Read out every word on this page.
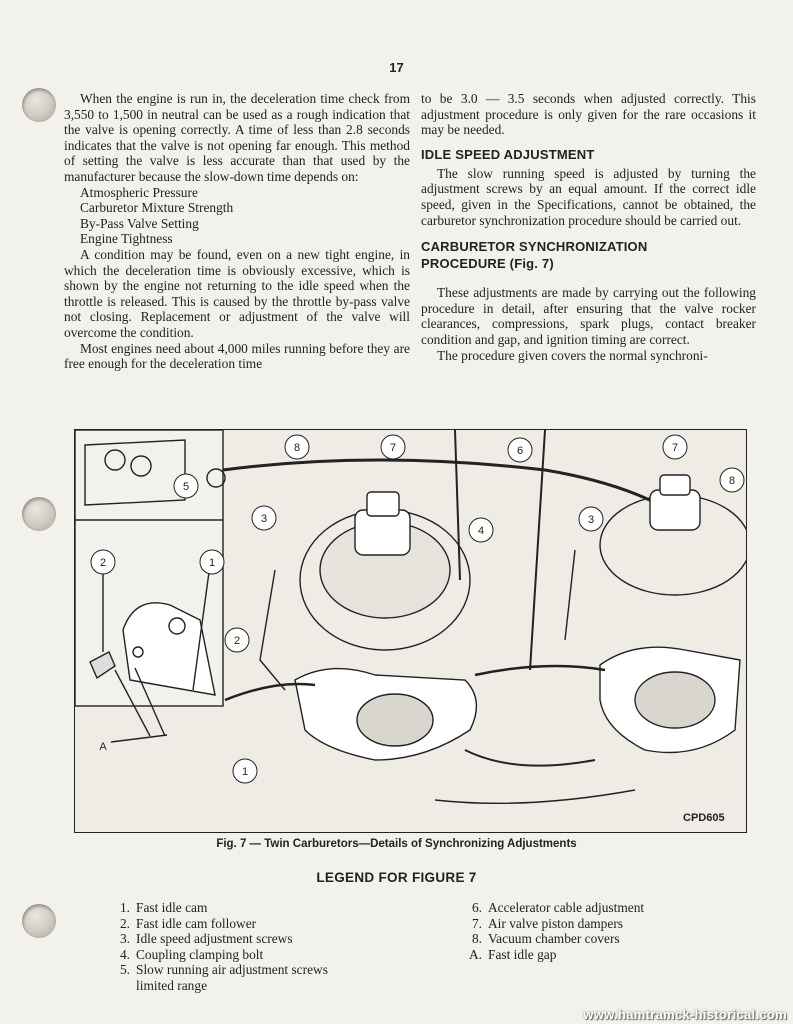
17

When the engine is run in, the deceleration time check from 3,550 to 1,500 in neutral can be used as a rough indication that the valve is opening correctly. A time of less than 2.8 seconds indicates that the valve is not opening far enough. This method of setting the valve is less accurate than that used by the manufacturer because the slow-down time depends on:

Atmospheric Pressure
Carburetor Mixture Strength
By-Pass Valve Setting
Engine Tightness

A condition may be found, even on a new tight engine, in which the deceleration time is obviously excessive, which is shown by the engine not returning to the idle speed when the throttle is released. This is caused by the throttle by-pass valve not closing. Replacement or adjustment of the valve will overcome the condition.

Most engines need about 4,000 miles running before they are free enough for the deceleration time

to be 3.0 — 3.5 seconds when adjusted correctly. This adjustment procedure is only given for the rare occasions it may be needed.

IDLE SPEED ADJUSTMENT

The slow running speed is adjusted by turning the adjustment screws by an equal amount. If the correct idle speed, given in the Specifications, cannot be obtained, the carburetor synchronization procedure should be carried out.

CARBURETOR SYNCHRONIZATION
PROCEDURE (Fig. 7)

These adjustments are made by carrying out the following procedure in detail, after ensuring that the valve rocker clearances, compressions, spark plugs, contact breaker condition and gap, and ignition timing are correct.

The procedure given covers the normal synchroni-

8	7	6	7
8
5
3
4
3
2	1
2
1
A
CPD605
Fig. 7 — Twin Carburetors—Details of Synchronizing Adjustments
LEGEND FOR FIGURE 7
1. Fast idle cam
2. Fast idle cam follower
3. Idle speed adjustment screws
4. Coupling clamping bolt
5. Slow running air adjustment screws
limited range
6. Accelerator cable adjustment
7. Air valve piston dampers
8. Vacuum chamber covers
A. Fast idle gap
www.hamtramck-historical.com
